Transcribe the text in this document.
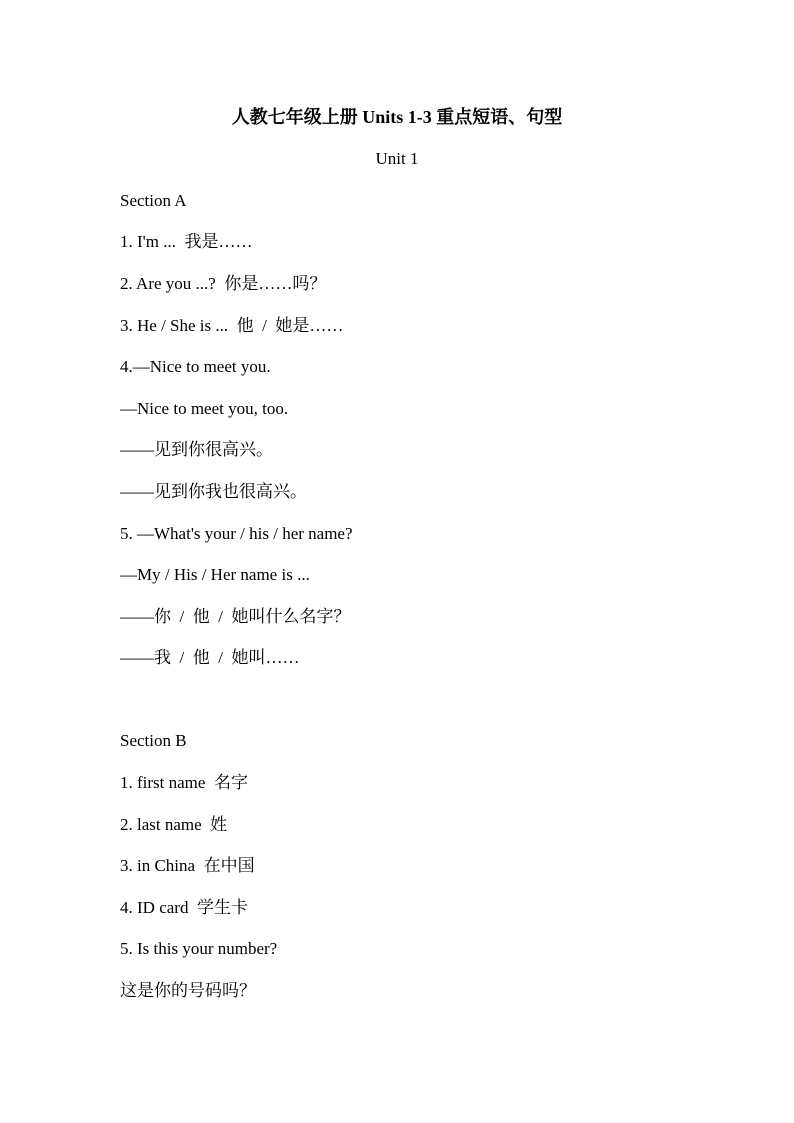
人教七年级上册 Units 1-3 重点短语、句型
Unit 1
Section A
1. I'm ...  我是……
2. Are you ...?  你是……吗？
3. He / She is ...  他  /  她是……
4.—Nice to meet you.
—Nice to meet you, too.
——见到你很高兴。
——见到你我也很高兴。
5. —What's your / his / her name?
—My / His / Her name is ...
——你  /  他  /  她叫什么名字？
——我  /  他  /  她叫……
Section B
1. first name  名字
2. last name  姓
3. in China  在中国
4. ID card  学生卡
5. Is this your number?
这是你的号码吗？
